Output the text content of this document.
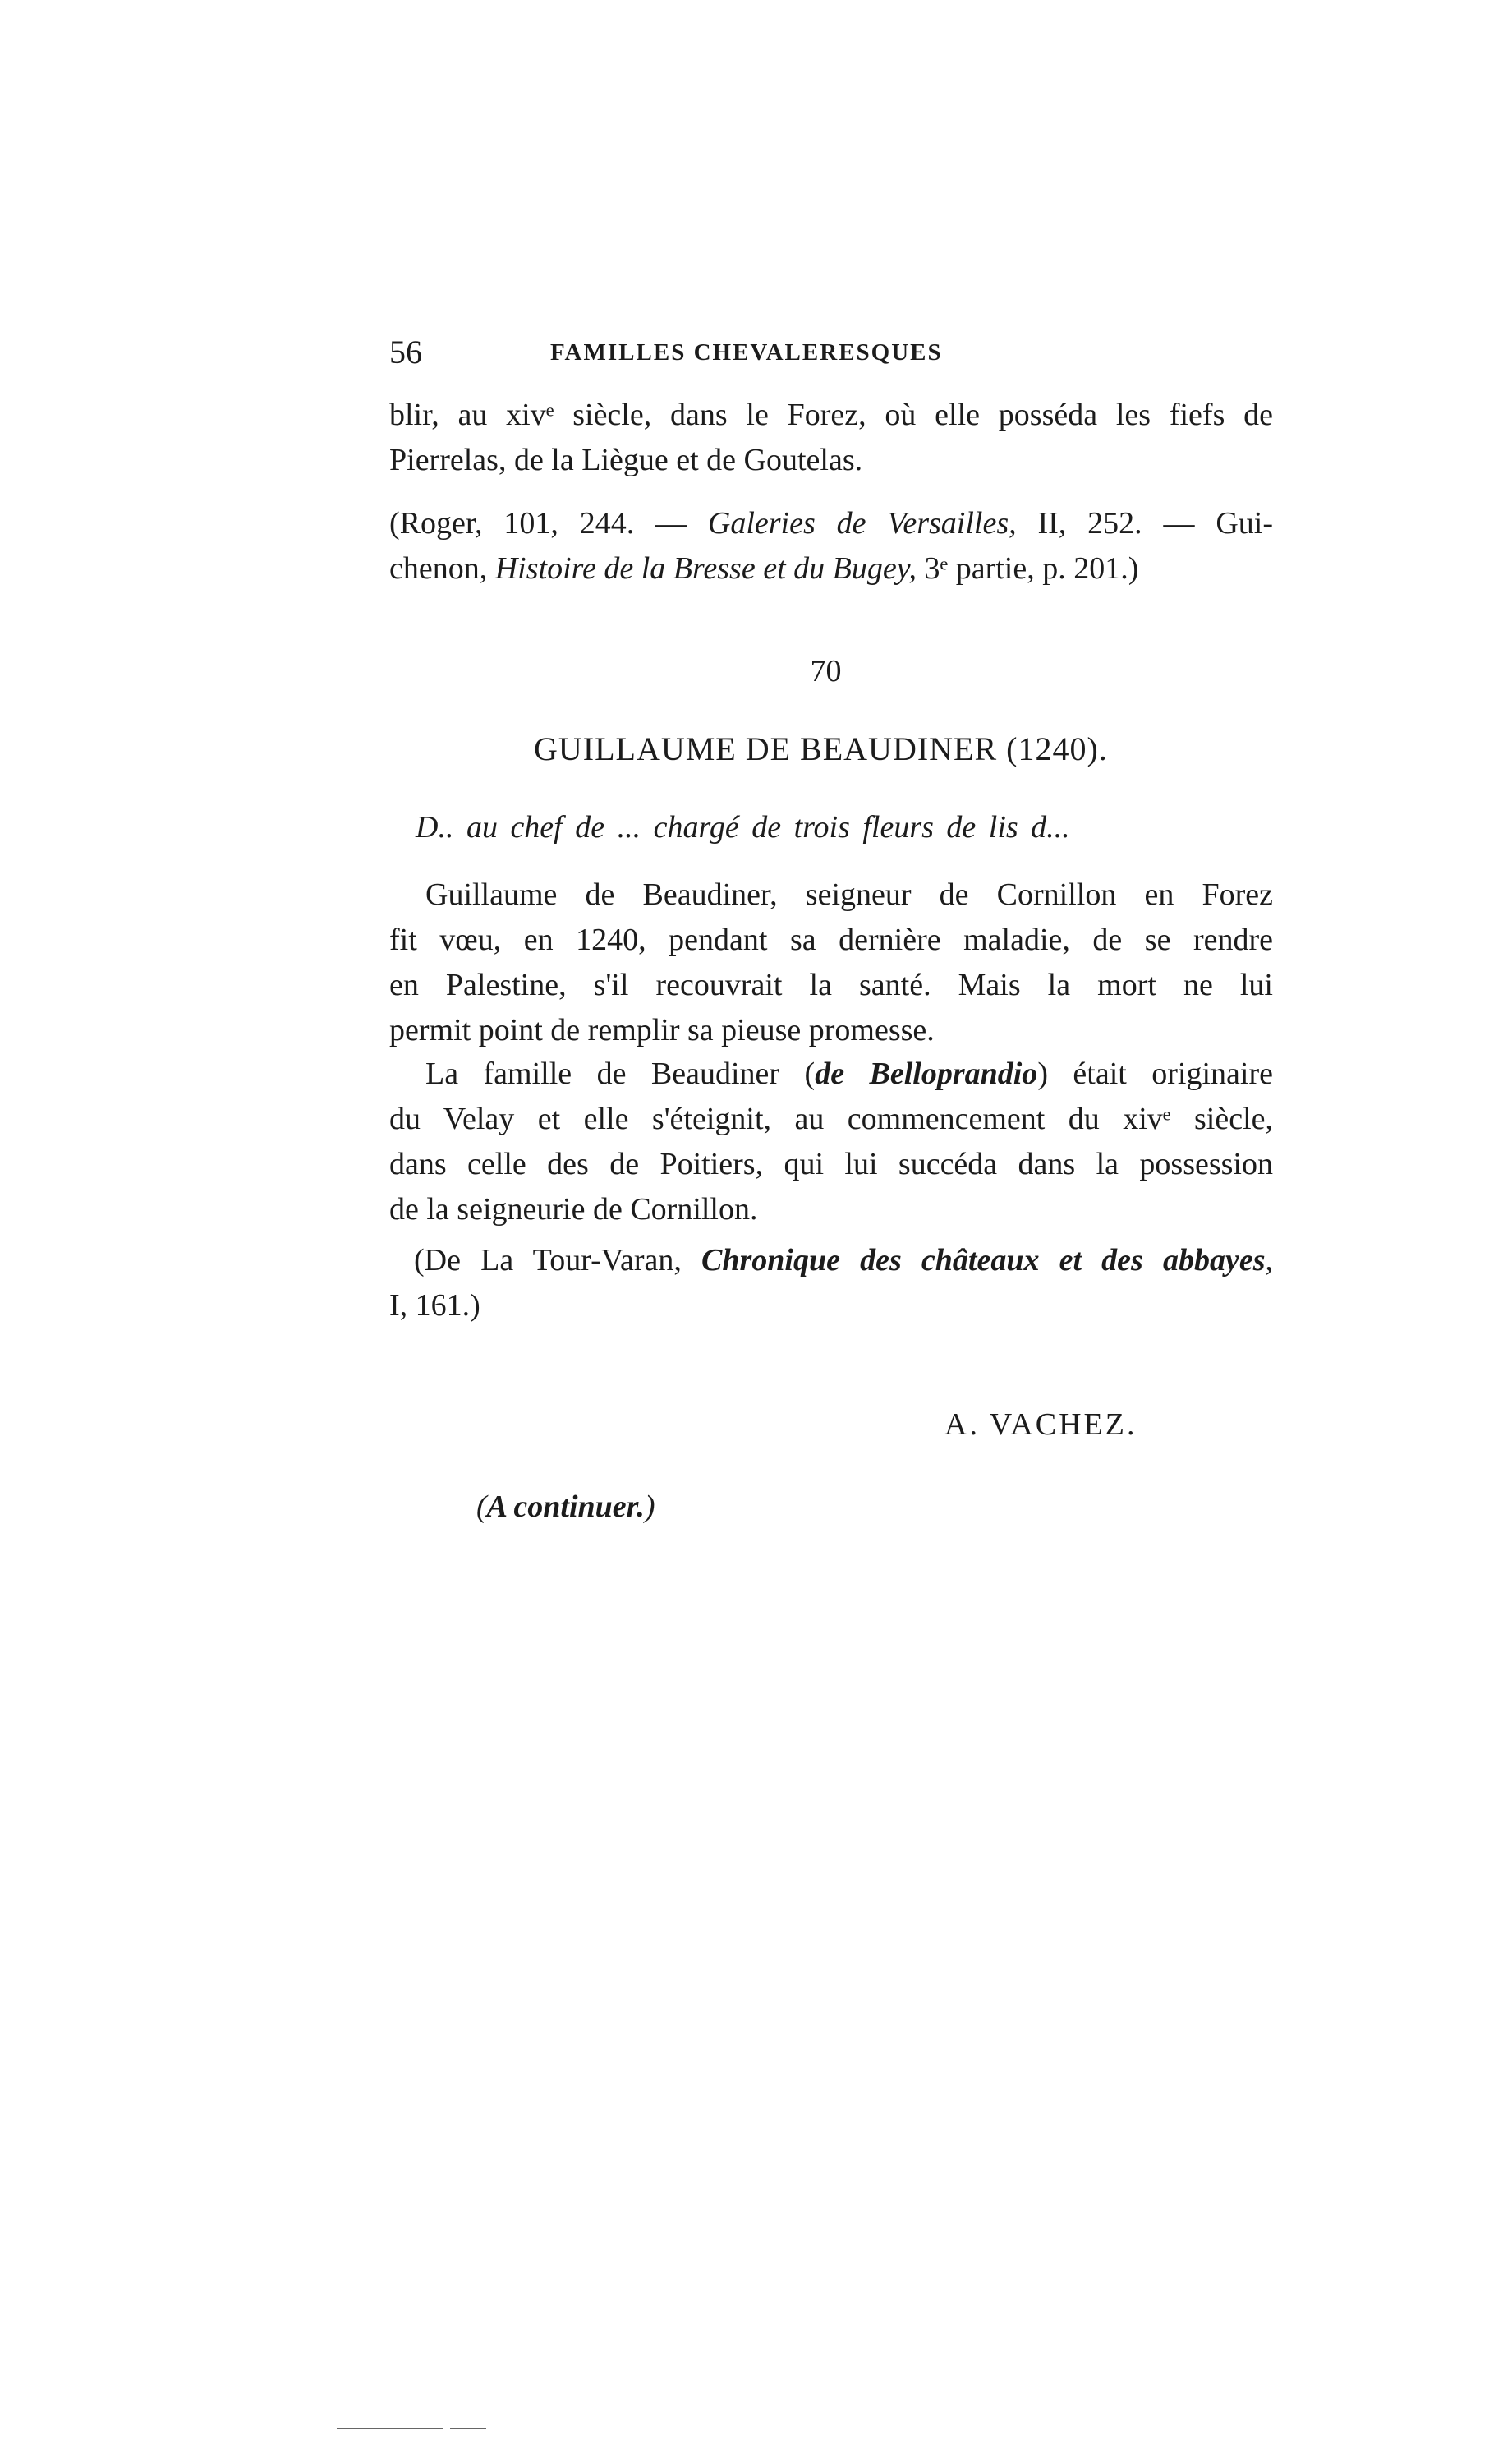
56	FAMILLES CHEVALERESQUES
blir, au xivᵉ siècle, dans le Forez, où elle posséda les fiefs de
Pierrelas, de la Liègue et de Goutelas.
(Roger, 101, 244. — Galeries de Versailles, II, 252. — Gui-
chenon, Histoire de la Bresse et du Bugey, 3ᵉ partie, p. 201.)
70
GUILLAUME DE BEAUDINER (1240).
D.. au chef de ... chargé de trois fleurs de lis d...
Guillaume de Beaudiner, seigneur de Cornillon en Forez
fit vœu, en 1240, pendant sa dernière maladie, de se rendre
en Palestine, s'il recouvrait la santé. Mais la mort ne lui
permit point de remplir sa pieuse promesse.
La famille de Beaudiner (de Belloprandio) était originaire
du Velay et elle s'éteignit, au commencement du xivᵉ siècle,
dans celle des de Poitiers, qui lui succéda dans la possession
de la seigneurie de Cornillon.
(De La Tour-Varan, Chronique des châteaux et des abbayes,
I, 161.)
A. VACHEZ.
(A continuer.)
